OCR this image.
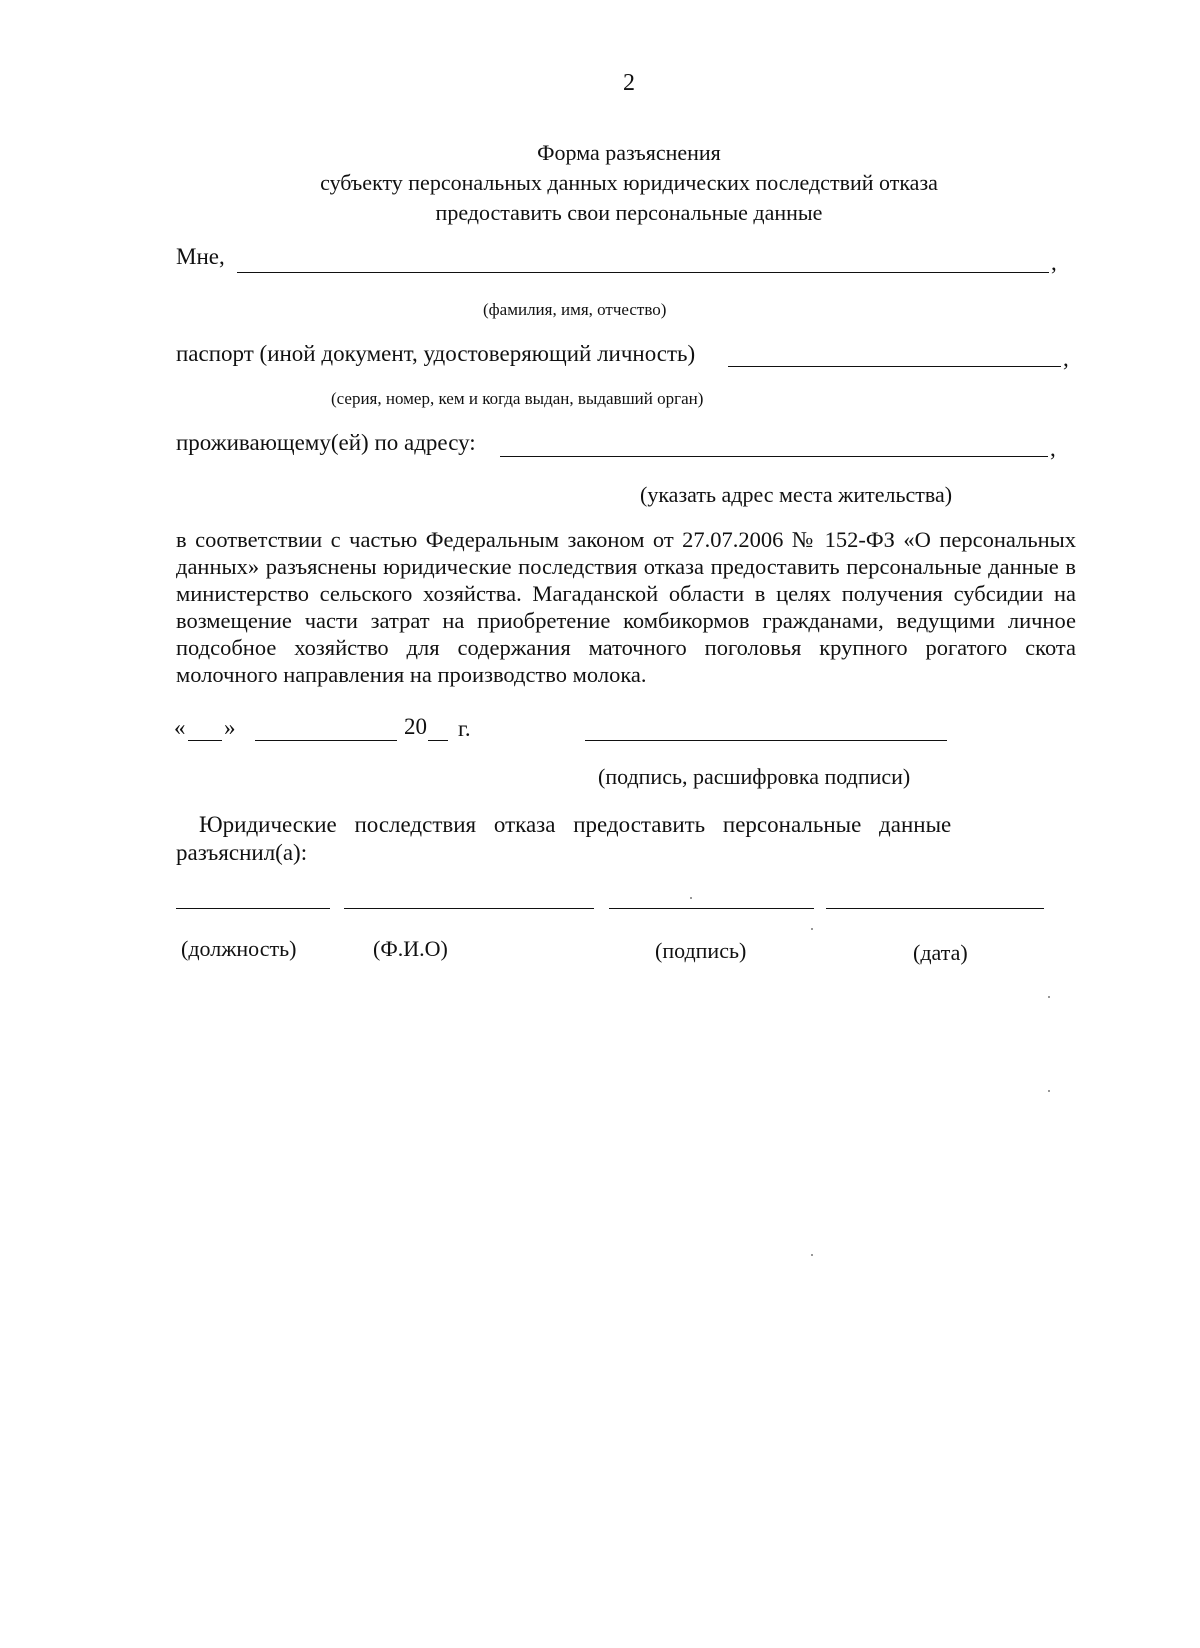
2
Форма разъяснения
субъекту персональных данных юридических последствий отказа
предоставить свои персональные данные
Мне,	,
(фамилия, имя, отчество)
паспорт (иной документ, удостоверяющий личность)	,
(серия, номер, кем и когда выдан, выдавший орган)
проживающему(ей) по адресу:	,
(указать адрес места жительства)

в соответствии с частью Федеральным законом от 27.07.2006 № 152-ФЗ «О персональных данных» разъяснены юридические последствия отказа предоставить персональные данные в министерство сельского хозяйства. Магаданской области в целях получения субсидии на возмещение части затрат на приобретение комбикормов гражданами, ведущими личное подсобное хозяйство для содержания маточного поголовья крупного рогатого скота молочного направления на производство молока.

« »	20 г.
(подпись, расшифровка подписи)
Юридические последствия отказа предоставить персональные данные
разъяснил(а):
(должность)	(Ф.И.О)	(подпись)	(дата)
